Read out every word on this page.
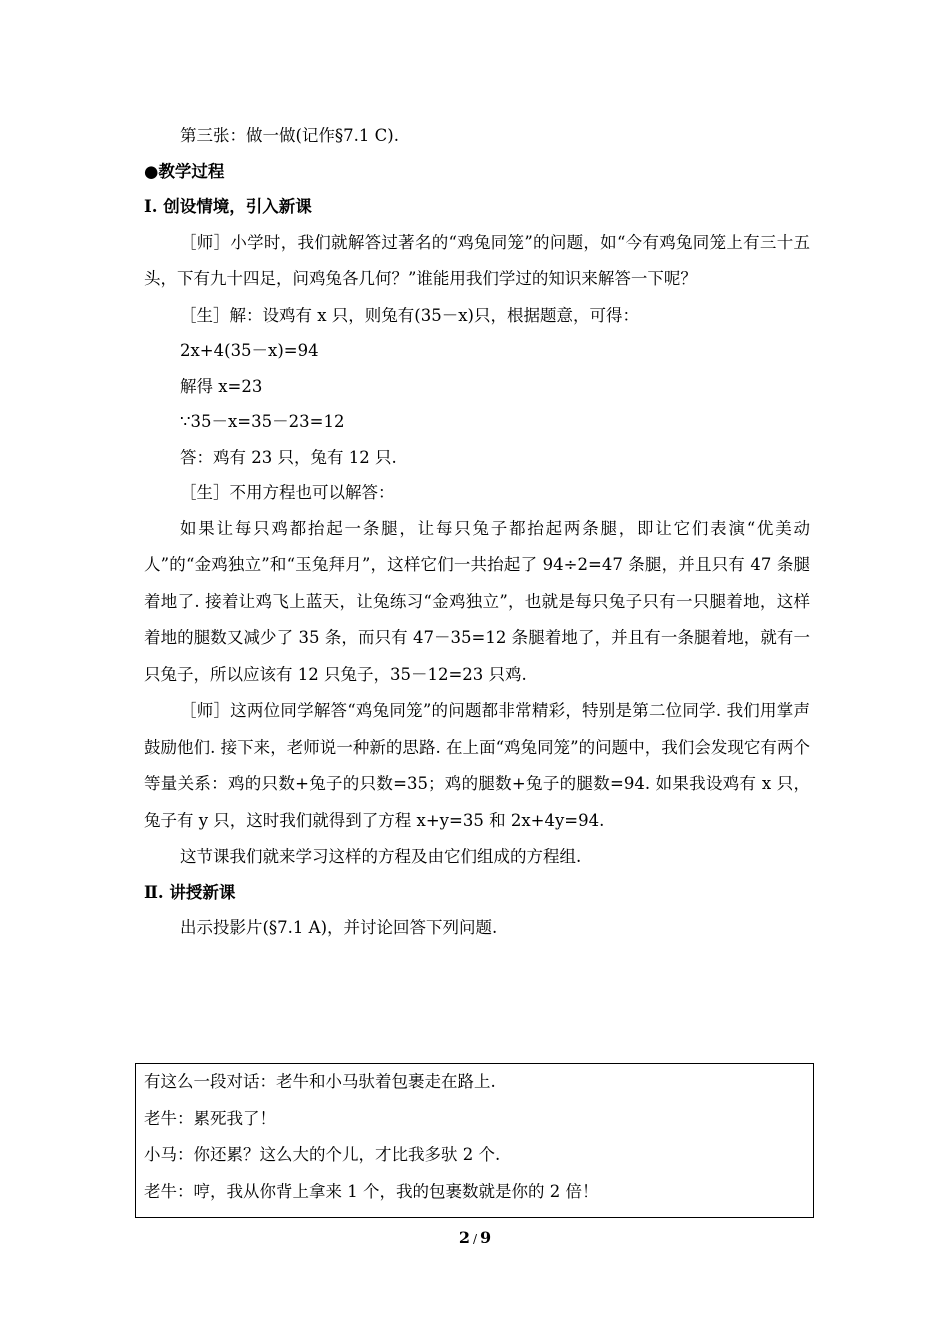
第三张：做一做(记作§7.1 C).
●教学过程
Ⅰ. 创设情境，引入新课
［师］小学时，我们就解答过著名的“鸡兔同笼”的问题，如“今有鸡兔同笼上有三十五头，下有九十四足，问鸡兔各几何？”谁能用我们学过的知识来解答一下呢？
［生］解：设鸡有 x 只，则兔有(35－x)只，根据题意，可得：
2x+4(35－x)=94
解得 x=23
∵35－x=35－23=12
答：鸡有 23 只，兔有 12 只.
［生］不用方程也可以解答：
如果让每只鸡都抬起一条腿，让每只兔子都抬起两条腿，即让它们表演“优美动人”的“金鸡独立”和“玉兔拜月”，这样它们一共抬起了 94÷2=47 条腿，并且只有 47 条腿着地了. 接着让鸡飞上蓝天，让兔练习“金鸡独立”，也就是每只兔子只有一只腿着地，这样着地的腿数又减少了 35 条，而只有 47－35=12 条腿着地了，并且有一条腿着地，就有一只兔子，所以应该有 12 只兔子，35－12=23 只鸡.
［师］这两位同学解答“鸡兔同笼”的问题都非常精彩，特别是第二位同学. 我们用掌声鼓励他们. 接下来，老师说一种新的思路. 在上面“鸡兔同笼”的问题中，我们会发现它有两个等量关系：鸡的只数+兔子的只数=35；鸡的腿数+兔子的腿数=94. 如果我设鸡有 x 只，兔子有 y 只，这时我们就得到了方程 x+y=35 和 2x+4y=94.
这节课我们就来学习这样的方程及由它们组成的方程组.
Ⅱ. 讲授新课
出示投影片(§7.1 A)，并讨论回答下列问题.
有这么一段对话：老牛和小马驮着包裹走在路上.
老牛：累死我了！
小马：你还累？这么大的个儿，才比我多驮 2 个.
老牛：哼，我从你背上拿来 1 个，我的包裹数就是你的 2 倍！
2 / 9
